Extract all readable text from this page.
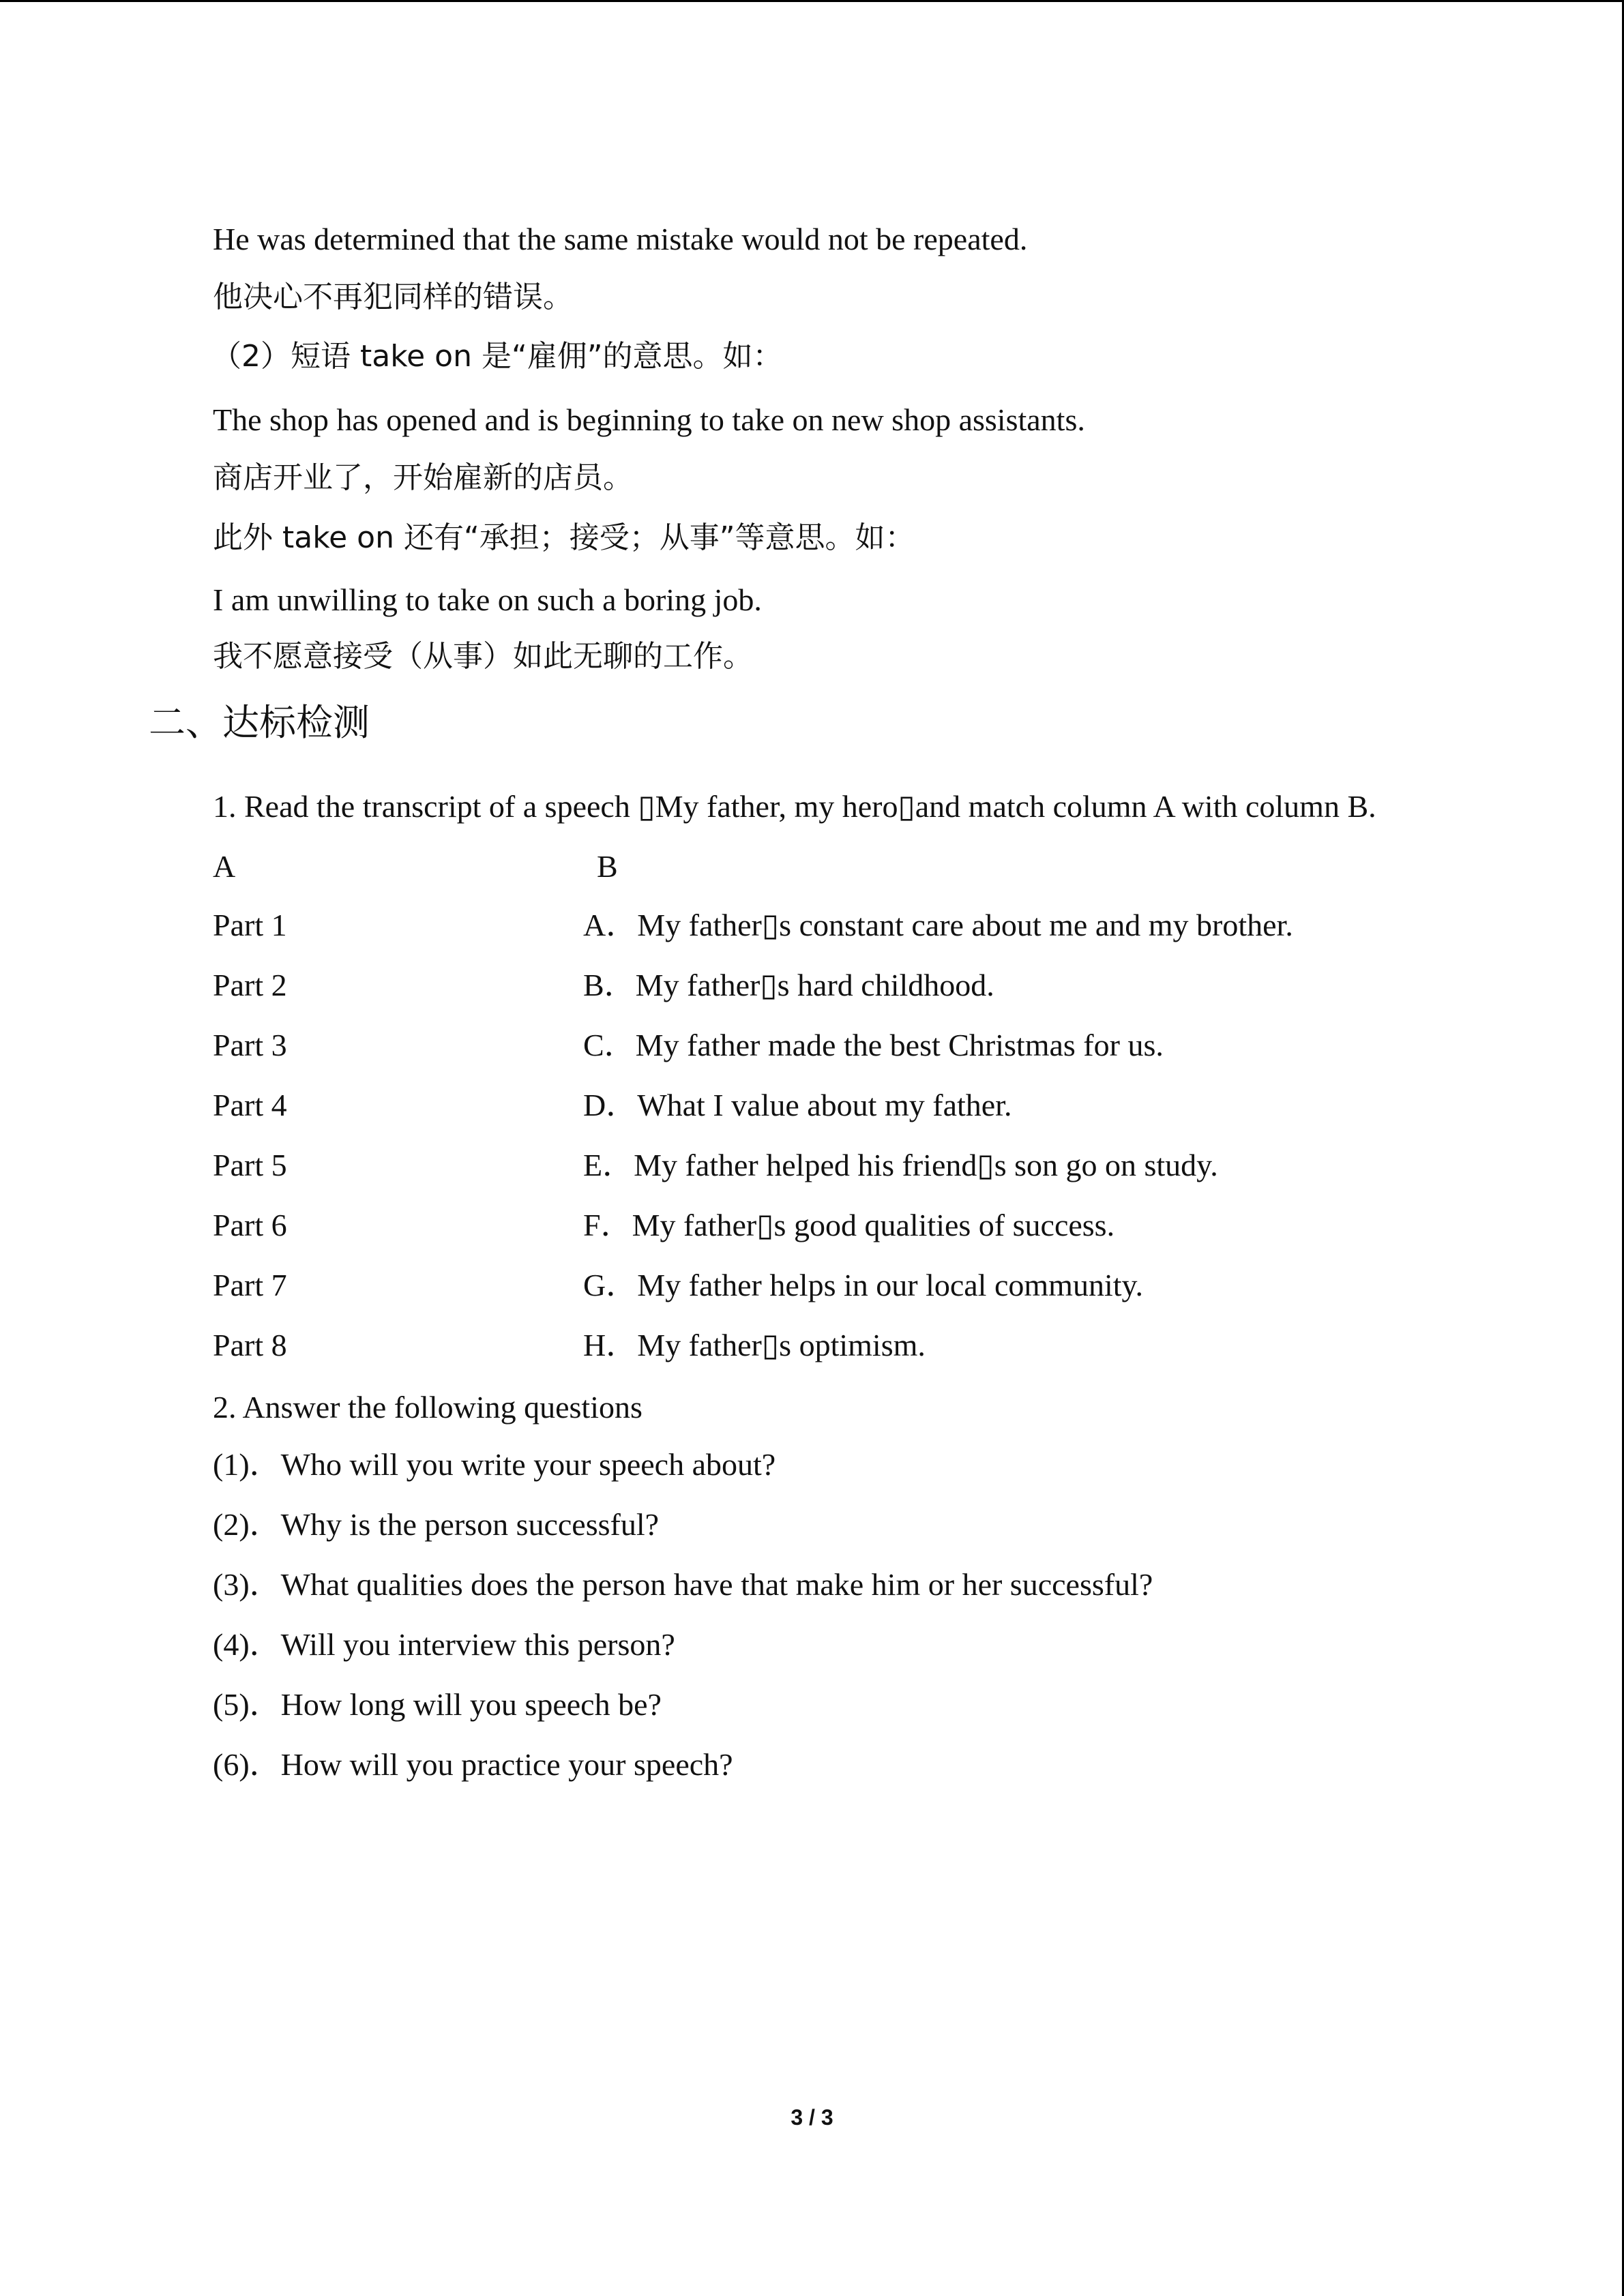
He was determined that the same mistake would not be repeated.
他决心不再犯同样的错误。
（2）短语 take on 是“雇佣”的意思。如：
The shop has opened and is beginning to take on new shop assistants.
商店开业了，开始雇新的店员。
此外 take on 还有“承担；接受；从事”等意思。如：
I am unwilling to take on such a boring job.
我不愿意接受（从事）如此无聊的工作。
二、达标检测
1. Read the transcript of a speech ▯My father, my hero▯and match column A with column B.
A	B
Part 1	A．My father▯s constant care about me and my brother.
Part 2	B．My father▯s hard childhood.
Part 3	C．My father made the best Christmas for us.
Part 4	D．What I value about my father.
Part 5	E．My father helped his friend▯s son go on study.
Part 6	F．My father▯s good qualities of success.
Part 7	G．My father helps in our local community.
Part 8	H．My father▯s optimism.
2. Answer the following questions
(1)．Who will you write your speech about?
(2)．Why is the person successful?
(3)．What qualities does the person have that make him or her successful?
(4)．Will you interview this person?
(5)．How long will you speech be?
(6)．How will you practice your speech?
3 / 3
